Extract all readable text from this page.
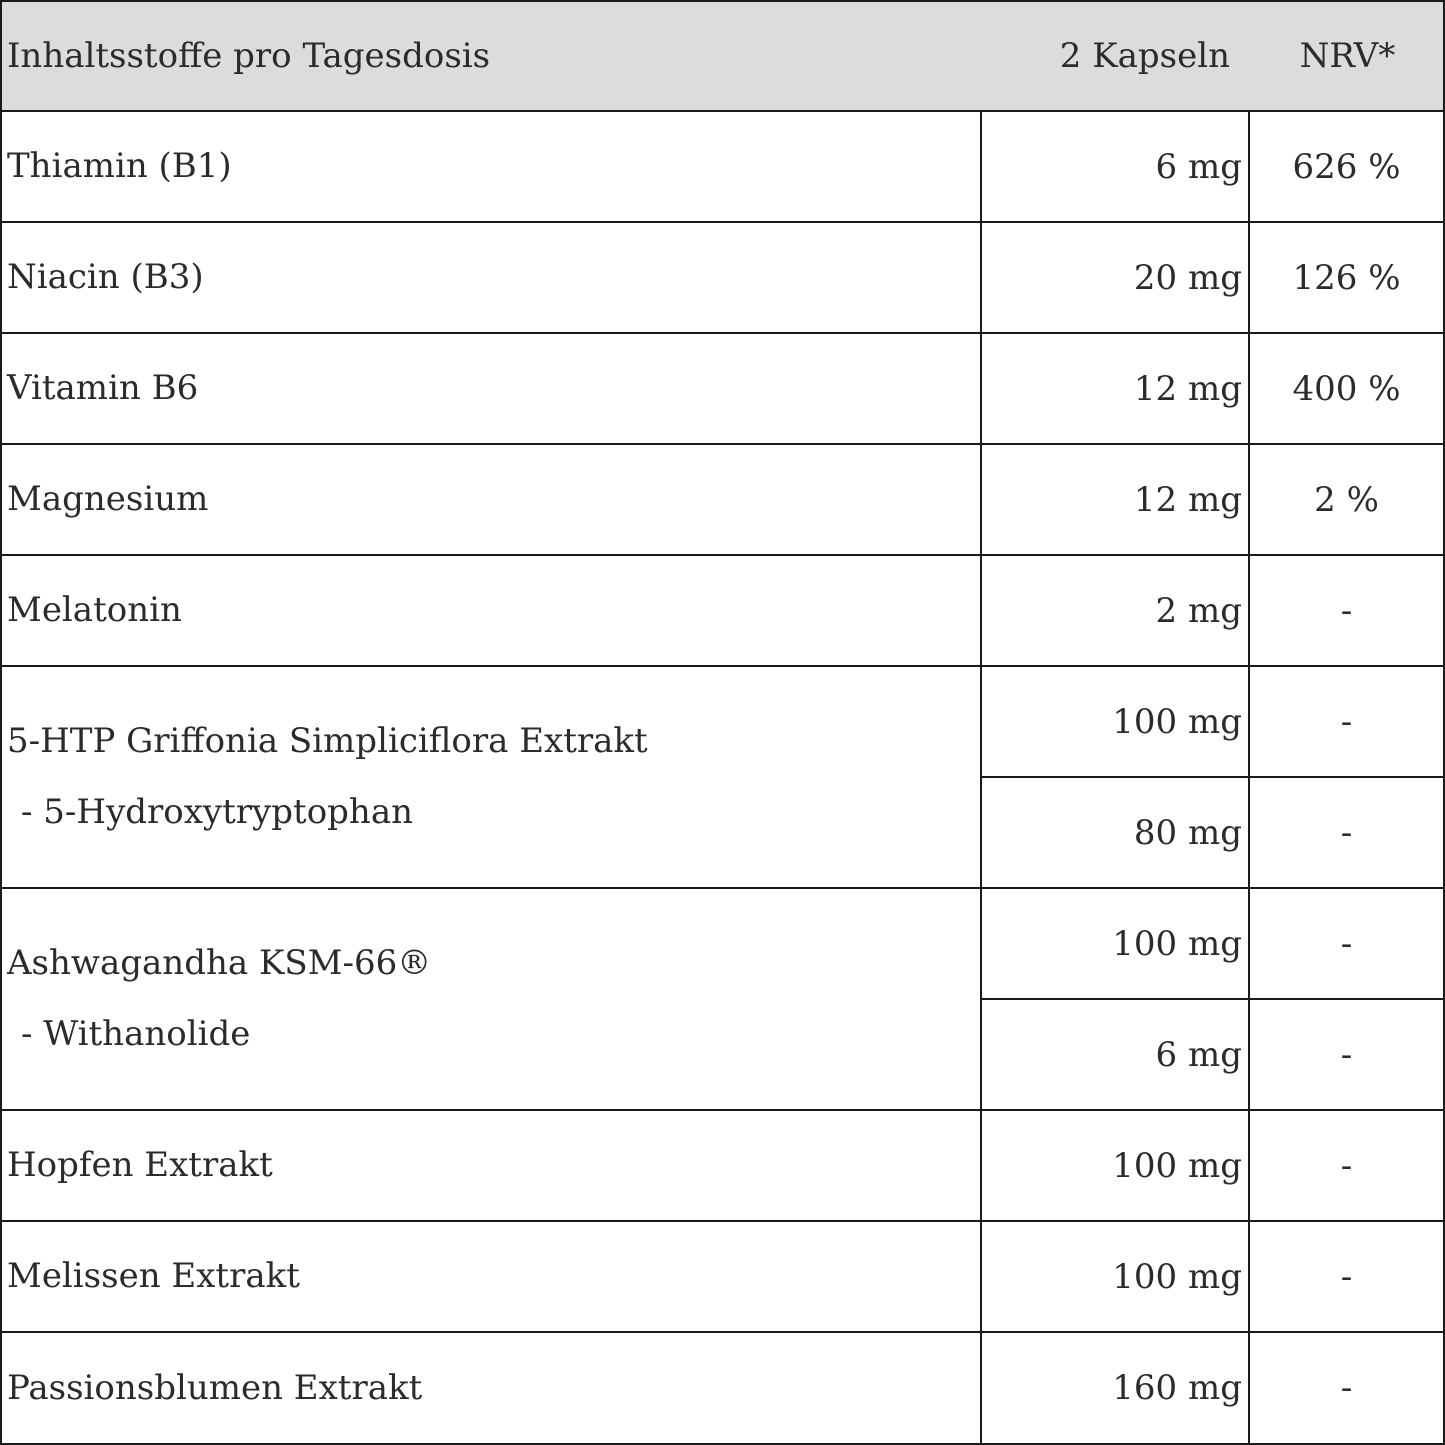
Inhaltsstoffe pro Tagesdosis	2 Kapseln	NRV*
Thiamin (B1)	6 mg	626 %
Niacin (B3)	20 mg	126 %
Vitamin B6	12 mg	400 %
Magnesium	12 mg	2 %
Melatonin	2 mg	-
5-HTP Griffonia Simpliciflora Extrakt
- 5-Hydroxytryptophan
100 mg	-
80 mg	-
Ashwagandha KSM-66®
- Withanolide
100 mg	-
6 mg	-
Hopfen Extrakt	100 mg	-
Melissen Extrakt	100 mg	-
Passionsblumen Extrakt	160 mg	-
